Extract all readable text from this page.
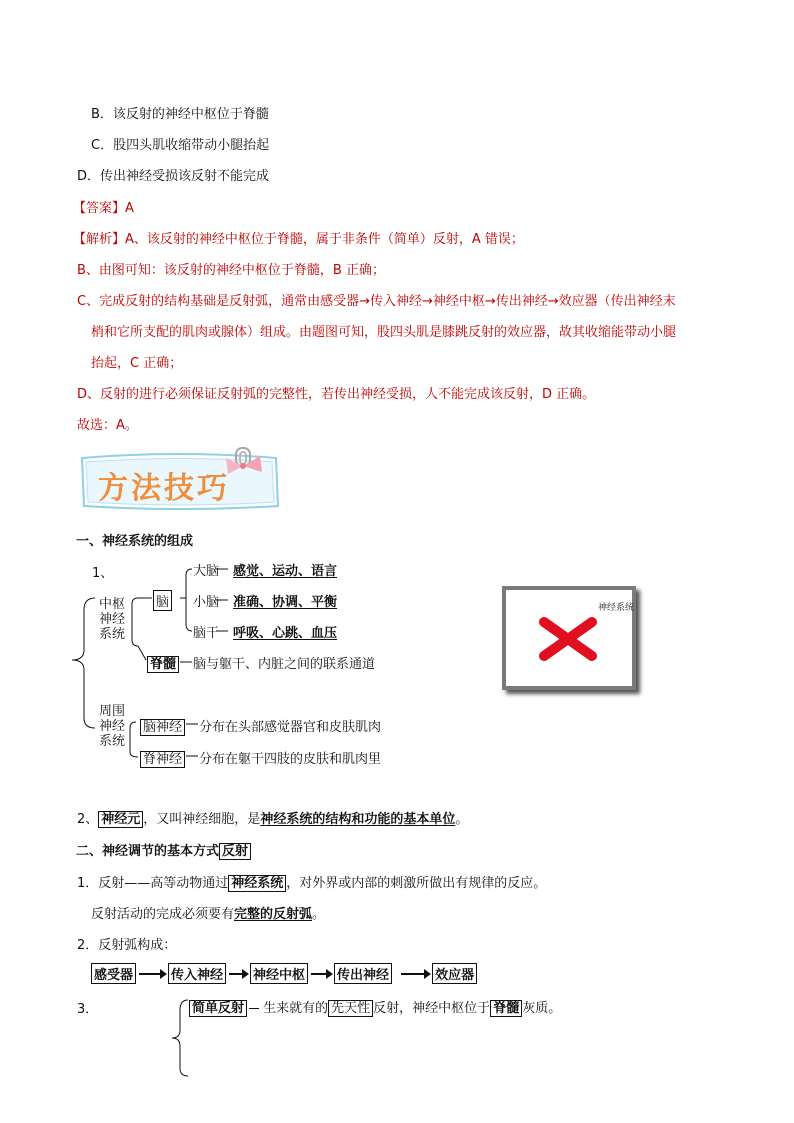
B．该反射的神经中枢位于脊髓
C．股四头肌收缩带动小腿抬起
D．传出神经受损该反射不能完成
【答案】A
【解析】A、该反射的神经中枢位于脊髓，属于非条件（简单）反射，A 错误；
B、由图可知：该反射的神经中枢位于脊髓，B 正确；
C、完成反射的结构基础是反射弧，通常由感受器→传入神经→神经中枢→传出神经→效应器（传出神经末
梢和它所支配的肌肉或腺体）组成。由题图可知，股四头肌是膝跳反射的效应器，故其收缩能带动小腿
抬起，C 正确；
D、反射的进行必须保证反射弧的完整性，若传出神经受损，人不能完成该反射，D 正确。
故选：A。
方法技巧
一、神经系统的组成
1、
中枢神经系统
脑
大脑 感觉、运动、语言
小脑 准确、协调、平衡
脑干 呼吸、心跳、血压
脊髓 脑与躯干、内脏之间的联系通道
周围神经系统
脑神经 分布在头部感觉器官和皮肤肌肉
脊神经 分布在躯干四肢的皮肤和肌肉里
神经系统
2、 神经元 ，又叫神经细胞，是神经系统的结构和功能的基本单位。
二、神经调节的基本方式 反射
1．反射——高等动物通过 神经系统 ，对外界或内部的刺激所做出有规律的反应。
反射活动的完成必须要有完整的反射弧。
2．反射弧构成：
感受器	传入神经 神经中枢 传出神经	效应器
3．	简单反射 生来就有的 先天性 反射，神经中枢位于 脊髓 灰质。
